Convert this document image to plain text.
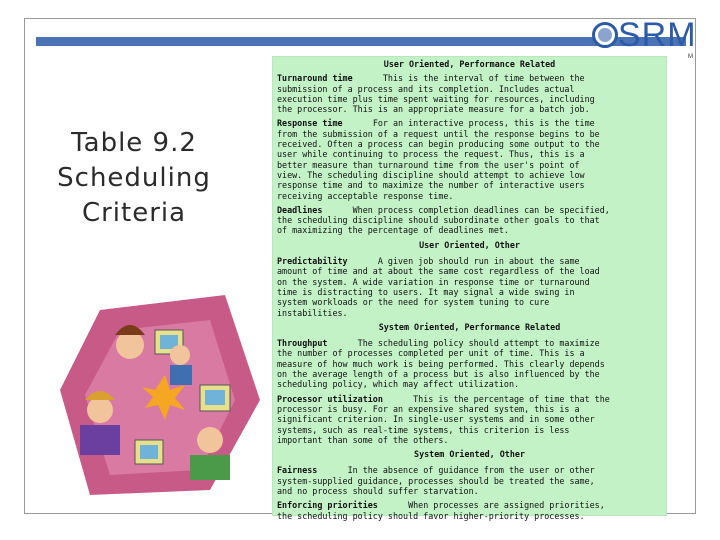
SRM
M
Table 9.2
Scheduling
Criteria
User Oriented, Performance Related
Turnaround time	This is the interval of time between the
submission of a process and its completion. Includes actual
execution time plus time spent waiting for resources, including
the processor. This is an appropriate measure for a batch job.
Response time	For an interactive process, this is the time
from the submission of a request until the response begins to be
received. Often a process can begin producing some output to the
user while continuing to process the request. Thus, this is a
better measure than turnaround time from the user's point of
view. The scheduling discipline should attempt to achieve low
response time and to maximize the number of interactive users
receiving acceptable response time.
Deadlines	When process completion deadlines can be specified,
the scheduling discipline should subordinate other goals to that
of maximizing the percentage of deadlines met.
User Oriented, Other
Predictability	A given job should run in about the same
amount of time and at about the same cost regardless of the load
on the system. A wide variation in response time or turnaround
time is distracting to users. It may signal a wide swing in
system workloads or the need for system tuning to cure
instabilities.
System Oriented, Performance Related
Throughput	The scheduling policy should attempt to maximize
the number of processes completed per unit of time. This is a
measure of how much work is being performed. This clearly depends
on the average length of a process but is also influenced by the
scheduling policy, which may affect utilization.
Processor utilization	This is the percentage of time that the
processor is busy. For an expensive shared system, this is a
significant criterion. In single-user systems and in some other
systems, such as real-time systems, this criterion is less
important than some of the others.
System Oriented, Other
Fairness	In the absence of guidance from the user or other
system-supplied guidance, processes should be treated the same,
and no process should suffer starvation.
Enforcing priorities	When processes are assigned priorities,
the scheduling policy should favor higher-priority processes.
